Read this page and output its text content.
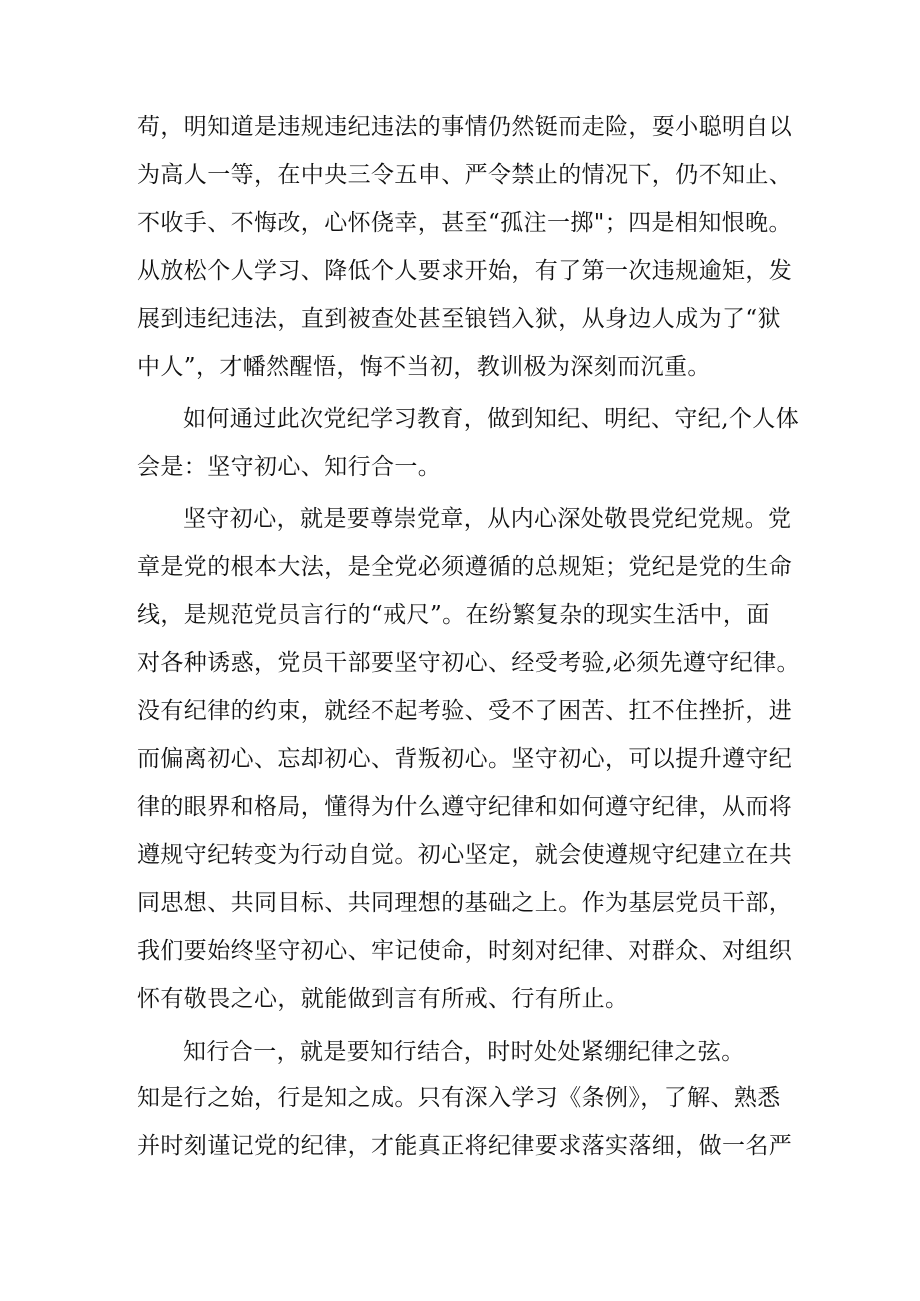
苟，明知道是违规违纪违法的事情仍然铤而走险，耍小聪明自以
为高人一等，在中央三令五申、严令禁止的情况下，仍不知止、
不收手、不悔改，心怀侥幸，甚至“孤注一掷"；四是相知恨晚。
从放松个人学习、降低个人要求开始，有了第一次违规逾矩，发
展到违纪违法，直到被查处甚至锒铛入狱，从身边人成为了“狱
中人”，才幡然醒悟，悔不当初，教训极为深刻而沉重。
如何通过此次党纪学习教育，做到知纪、明纪、守纪,个人体
会是：坚守初心、知行合一。
坚守初心，就是要尊崇党章，从内心深处敬畏党纪党规。党
章是党的根本大法，是全党必须遵循的总规矩；党纪是党的生命
线，是规范党员言行的“戒尺”。在纷繁复杂的现实生活中，面
对各种诱惑，党员干部要坚守初心、经受考验,必须先遵守纪律。
没有纪律的约束，就经不起考验、受不了困苦、扛不住挫折，进
而偏离初心、忘却初心、背叛初心。坚守初心，可以提升遵守纪
律的眼界和格局，懂得为什么遵守纪律和如何遵守纪律，从而将
遵规守纪转变为行动自觉。初心坚定，就会使遵规守纪建立在共
同思想、共同目标、共同理想的基础之上。作为基层党员干部，
我们要始终坚守初心、牢记使命，时刻对纪律、对群众、对组织
怀有敬畏之心，就能做到言有所戒、行有所止。
知行合一，就是要知行结合，时时处处紧绷纪律之弦。
知是行之始，行是知之成。只有深入学习《条例》，了解、熟悉
并时刻谨记党的纪律，才能真正将纪律要求落实落细，做一名严
